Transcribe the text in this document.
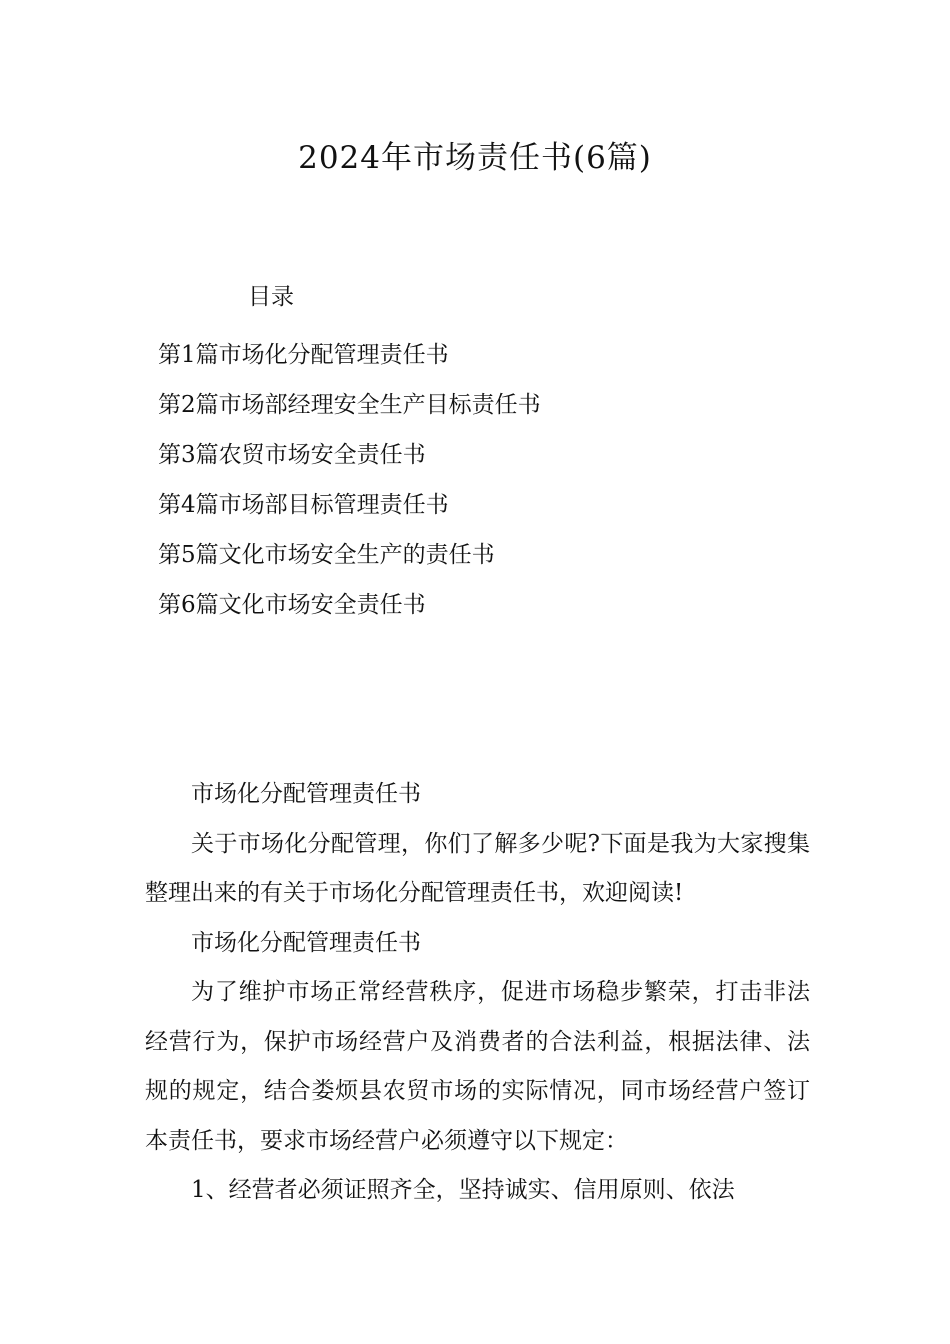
2024年市场责任书(6篇)
目录
第1篇市场化分配管理责任书
第2篇市场部经理安全生产目标责任书
第3篇农贸市场安全责任书
第4篇市场部目标管理责任书
第5篇文化市场安全生产的责任书
第6篇文化市场安全责任书

市场化分配管理责任书

关于市场化分配管理，你们了解多少呢?下面是我为大家搜集整理出来的有关于市场化分配管理责任书，欢迎阅读!

市场化分配管理责任书

为了维护市场正常经营秩序，促进市场稳步繁荣，打击非法经营行为，保护市场经营户及消费者的合法利益，根据法律、法规的规定，结合娄烦县农贸市场的实际情况，同市场经营户签订本责任书，要求市场经营户必须遵守以下规定：

1、经营者必须证照齐全，坚持诚实、信用原则、依法
